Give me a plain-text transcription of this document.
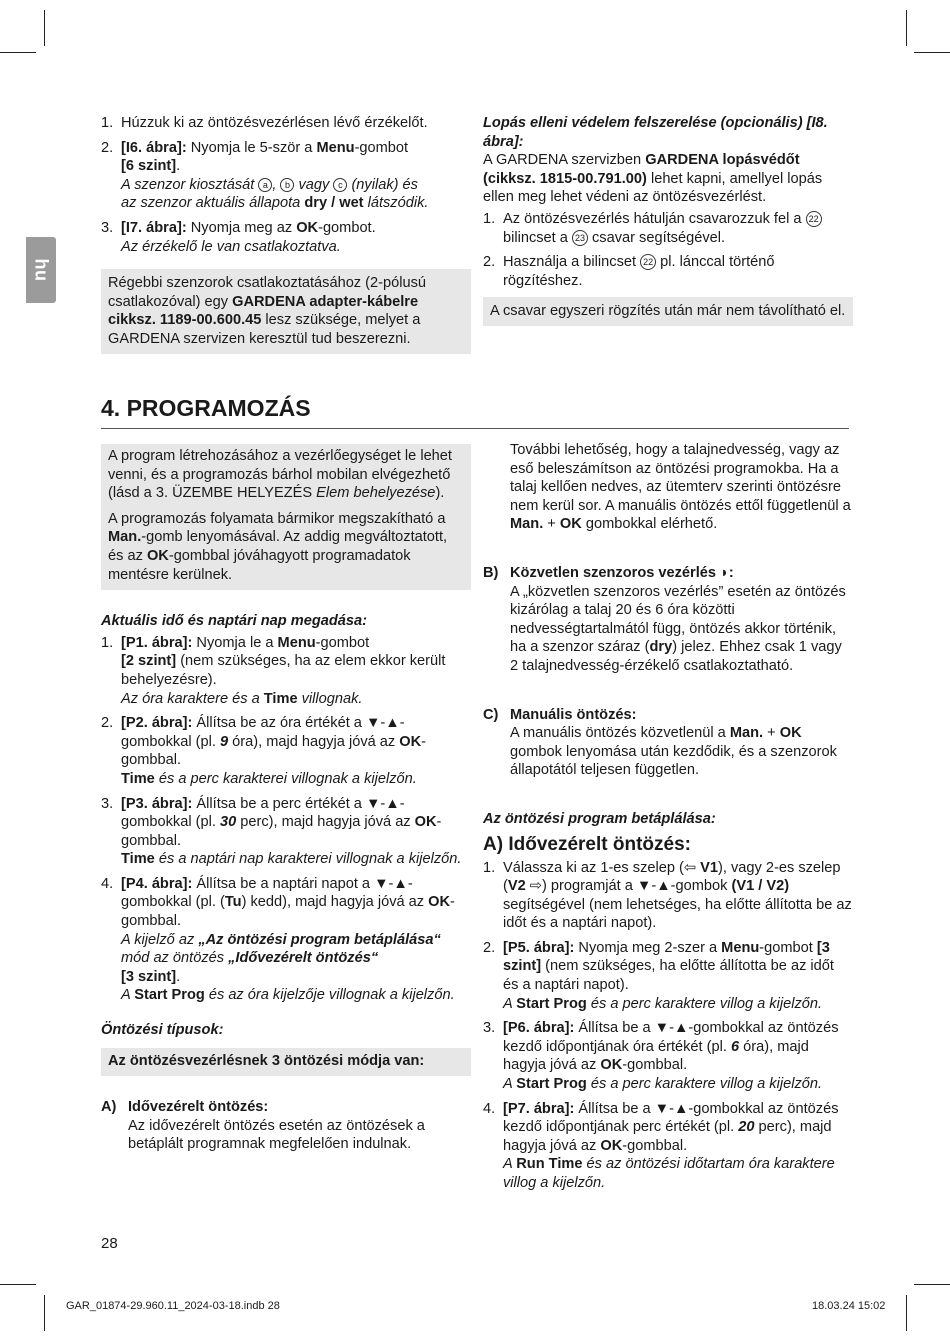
hu
1. Húzzuk ki az öntözésvezérlésen lévő érzékelőt.
2. [I6. ábra]: Nyomja le 5-ször a Menu-gombot
[6 szint].
A szenzor kiosztását a , b vagy c (nyilak) és
az szenzor aktuális állapota dry / wet látszódik.
3. [I7. ábra]: Nyomja meg az OK-gombot.
Az érzékelő le van csatlakoztatva.

Régebbi szenzorok csatlakoztatásához (2-pólusú csatlakozóval) egy GARDENA adapter-kábelre cikksz. 1189-00.600.45 lesz szüksége, melyet a GARDENA szervizen keresztül tud beszerezni.

Lopás elleni védelem felszerelése (opcionális) [I8. ábra]:

A GARDENA szervizben GARDENA lopásvédőt (cikksz. 1815-00.791.00) lehet kapni, amellyel lopás ellen meg lehet védeni az öntözésvezérlést.

1. Az öntözésvezérlés hátulján csavarozzuk fel a 22 bilincset a 23 csavar segítségével.
2. Használja a bilincset 22 pl. lánccal történő rögzítéshez.

A csavar egyszeri rögzítés után már nem távolítható el.

4. PROGRAMOZÁS

A program létrehozásához a vezérlőegységet le lehet venni, és a programozás bárhol mobilan elvégezhető (lásd a 3. ÜZEMBE HELYEZÉS Elem behelyezése).

A programozás folyamata bármikor megszakítható a Man.-gomb lenyomásával. Az addig megváltoztatott, és az OK-gombbal jóváhagyott programadatok mentésre kerülnek.

Aktuális idő és naptári nap megadása:

1. [P1. ábra]: Nyomja le a Menu-gombot
[2 szint] (nem szükséges, ha az elem ekkor került behelyezésre).
Az óra karaktere és a Time villognak.
2. [P2. ábra]: Állítsa be az óra értékét a ▼-▲-gombokkal (pl. 9 óra), majd hagyja jóvá az OK-gombbal.
Time és a perc karakterei villognak a kijelzőn.
3. [P3. ábra]: Állítsa be a perc értékét a ▼-▲-gombokkal (pl. 30 perc), majd hagyja jóvá az OK-gombbal.
Time és a naptári nap karakterei villognak a kijelzőn.
4. [P4. ábra]: Állítsa be a naptári napot a ▼-▲-gombokkal (pl. (Tu) kedd), majd hagyja jóvá az OK-gombbal.
A kijelző az „Az öntözési program betáplálása“ mód az öntözés „Idővezérelt öntözés“
[3 szint].
A Start Prog és az óra kijelzője villognak a kijelzőn.

Öntözési típusok:

Az öntözésvezérlésnek 3 öntözési módja van:

A) Idővezérelt öntözés:
Az idővezérelt öntözés esetén az öntözések a betáplált programnak megfelelően indulnak.

További lehetőség, hogy a talajnedvesség, vagy az eső beleszámítson az öntözési programokba. Ha a talaj kellően nedves, az ütemterv szerinti öntözésre nem kerül sor. A manuális öntözés ettől függetlenül a Man. + OK gombokkal elérhető.

B) Közvetlen szenzoros vezérlés ◗:
A „közvetlen szenzoros vezérlés” esetén az öntözés kizárólag a talaj 20 és 6 óra közötti nedvességtartalmától függ, öntözés akkor történik, ha a szenzor száraz (dry) jelez. Ehhez csak 1 vagy 2 talajnedvesség-érzékelő csatlakoztatható.
C) Manuális öntözés:
A manuális öntözés közvetlenül a Man. + OK gombok lenyomása után kezdődik, és a szenzorok állapotától teljesen független.

Az öntözési program betáplálása:

A) Idővezérelt öntözés:

1. Válassza ki az 1-es szelep (⇦ V1), vagy 2-es szelep (V2 ⇨) programját a ▼-▲-gombok (V1 / V2) segítségével (nem lehetséges, ha előtte állította be az időt és a naptári napot).
2. [P5. ábra]: Nyomja meg 2-szer a Menu-gombot [3 szint] (nem szükséges, ha előtte állította be az időt és a naptári napot).
A Start Prog és a perc karaktere villog a kijelzőn.
3. [P6. ábra]: Állítsa be a ▼-▲-gombokkal az öntözés kezdő időpontjának óra értékét (pl. 6 óra), majd hagyja jóvá az OK-gombbal.
A Start Prog és a perc karaktere villog a kijelzőn.
4. [P7. ábra]: Állítsa be a ▼-▲-gombokkal az öntözés kezdő időpontjának perc értékét (pl. 20 perc), majd hagyja jóvá az OK-gombbal.
A Run Time és az öntözési időtartam óra karaktere villog a kijelzőn.
28
GAR_01874-29.960.11_2024-03-18.indb 28	18.03.24 15:02
